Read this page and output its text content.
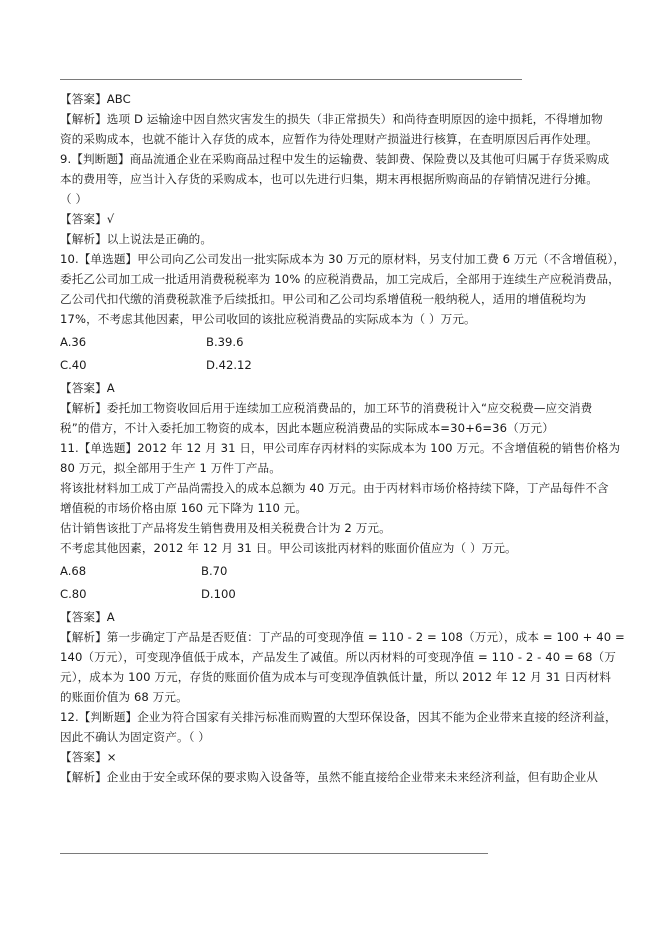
【答案】ABC
【解析】选项 D 运输途中因自然灾害发生的损失（非正常损失）和尚待查明原因的途中损耗，不得增加物
资的采购成本，也就不能计入存货的成本，应暂作为待处理财产损溢进行核算，在查明原因后再作处理。
9.【判断题】商品流通企业在采购商品过程中发生的运输费、装卸费、保险费以及其他可归属于存货采购成
本的费用等，应当计入存货的采购成本，也可以先进行归集，期末再根据所购商品的存销情况进行分摊。
（ ）
【答案】√
【解析】以上说法是正确的。
10.【单选题】甲公司向乙公司发出一批实际成本为 30 万元的原材料，另支付加工费 6 万元（不含增值税），
委托乙公司加工成一批适用消费税税率为 10% 的应税消费品，加工完成后，全部用于连续生产应税消费品，
乙公司代扣代缴的消费税款准予后续抵扣。甲公司和乙公司均系增值税一般纳税人，适用的增值税均为
17%，不考虑其他因素，甲公司收回的该批应税消费品的实际成本为（ ）万元。
A.36	B.39.6
C.40	D.42.12
【答案】A
【解析】委托加工物资收回后用于连续加工应税消费品的，加工环节的消费税计入“应交税费—应交消费
税”的借方，不计入委托加工物资的成本，因此本题应税消费品的实际成本=30+6=36（万元）
11.【单选题】2012 年 12 月 31 日，甲公司库存丙材料的实际成本为 100 万元。不含增值税的销售价格为
80 万元，拟全部用于生产 1 万件丁产品。
将该批材料加工成丁产品尚需投入的成本总额为 40 万元。由于丙材料市场价格持续下降，丁产品每件不含
增值税的市场价格由原 160 元下降为 110 元。
估计销售该批丁产品将发生销售费用及相关税费合计为 2 万元。
不考虑其他因素，2012 年 12 月 31 日。甲公司该批丙材料的账面价值应为（ ）万元。
A.68	B.70
C.80	D.100
【答案】A
【解析】第一步确定丁产品是否贬值：丁产品的可变现净值 = 110 - 2 = 108（万元），成本 = 100 + 40 =
140（万元），可变现净值低于成本，产品发生了减值。所以丙材料的可变现净值 = 110 - 2 - 40 = 68（万
元），成本为 100 万元，存货的账面价值为成本与可变现净值孰低计量，所以 2012 年 12 月 31 日丙材料
的账面价值为 68 万元。
12.【判断题】企业为符合国家有关排污标准而购置的大型环保设备，因其不能为企业带来直接的经济利益，
因此不确认为固定资产。（ ）
【答案】×
【解析】企业由于安全或环保的要求购入设备等，虽然不能直接给企业带来未来经济利益，但有助企业从
